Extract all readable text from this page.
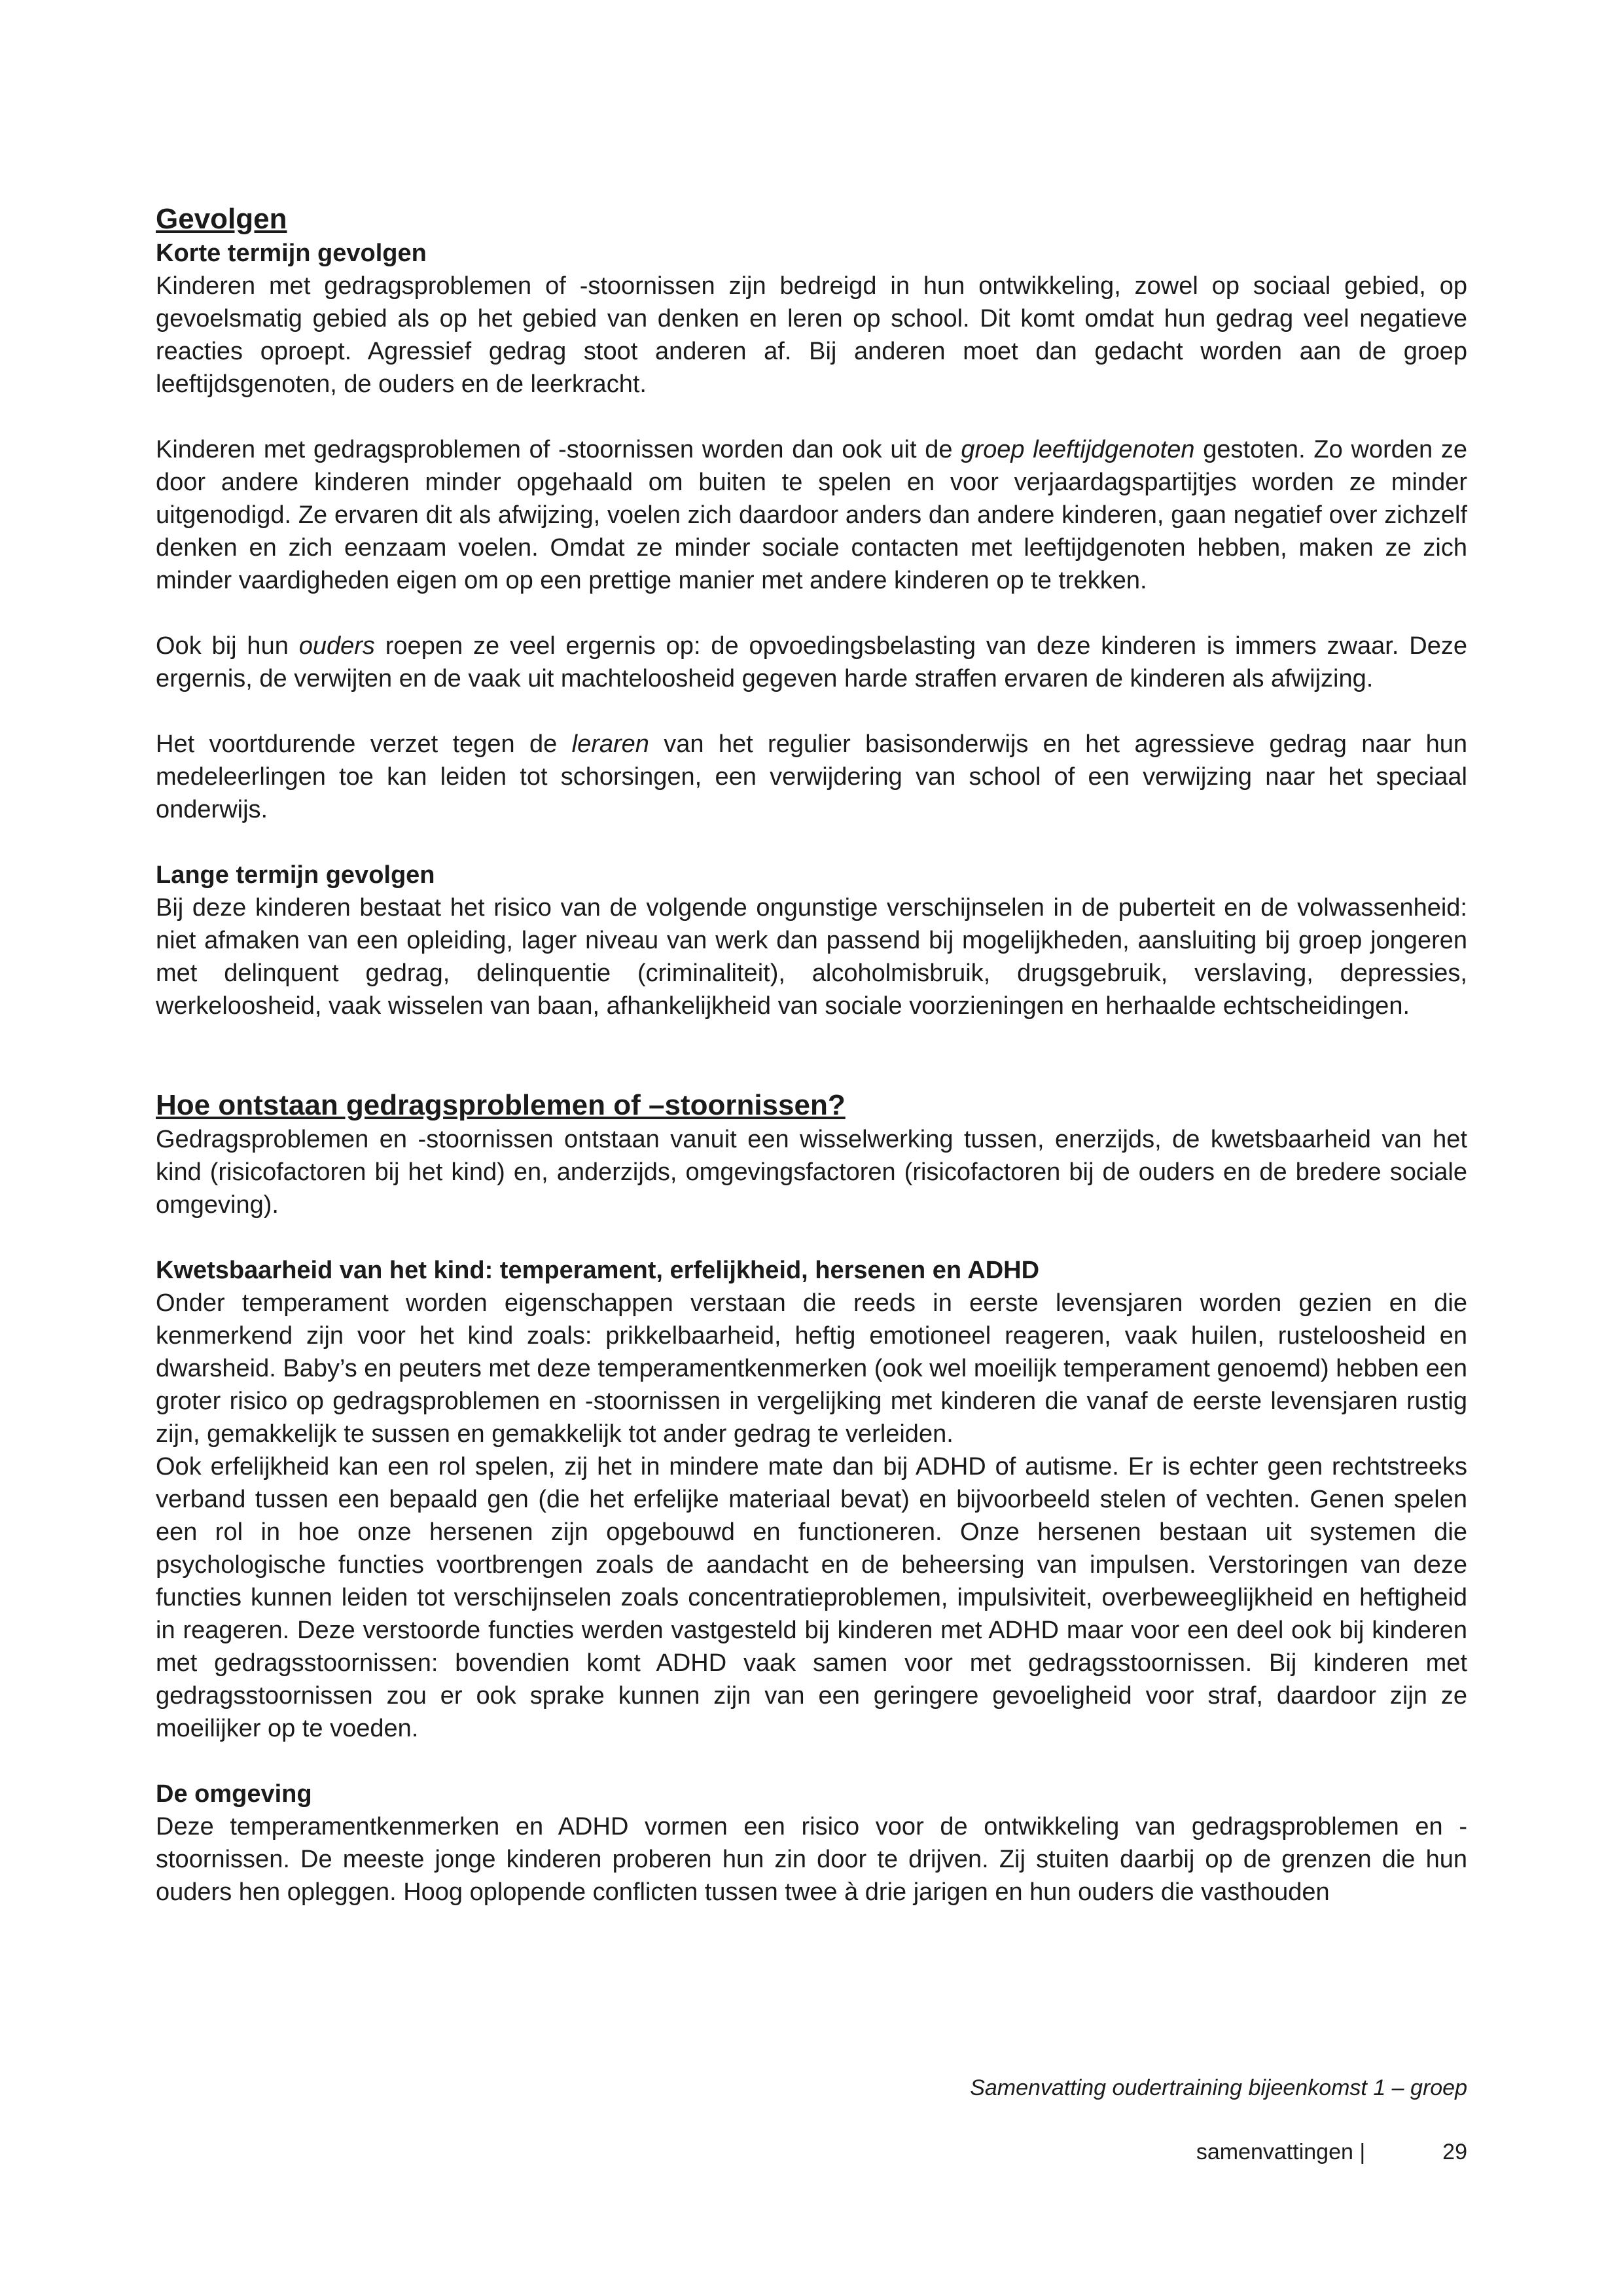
Gevolgen
Korte termijn gevolgen

Kinderen met gedragsproblemen of -stoornissen zijn bedreigd in hun ontwikkeling, zowel op sociaal gebied, op gevoelsmatig gebied als op het gebied van denken en leren op school. Dit komt omdat hun gedrag veel negatieve reacties oproept. Agressief gedrag stoot anderen af. Bij anderen moet dan gedacht worden aan de groep leeftijdsgenoten, de ouders en de leerkracht.

Kinderen met gedragsproblemen of -stoornissen worden dan ook uit de groep leeftijdgenoten gestoten. Zo worden ze door andere kinderen minder opgehaald om buiten te spelen en voor verjaardagspartijtjes worden ze minder uitgenodigd. Ze ervaren dit als afwijzing, voelen zich daardoor anders dan andere kinderen, gaan negatief over zichzelf denken en zich eenzaam voelen. Omdat ze minder sociale contacten met leeftijdgenoten hebben, maken ze zich minder vaardigheden eigen om op een prettige manier met andere kinderen op te trekken.

Ook bij hun ouders roepen ze veel ergernis op: de opvoedingsbelasting van deze kinderen is immers zwaar. Deze ergernis, de verwijten en de vaak uit machteloosheid gegeven harde straffen ervaren de kinderen als afwijzing.

Het voortdurende verzet tegen de leraren van het regulier basisonderwijs en het agressieve gedrag naar hun medeleerlingen toe kan leiden tot schorsingen, een verwijdering van school of een verwijzing naar het speciaal onderwijs.

Lange termijn gevolgen

Bij deze kinderen bestaat het risico van de volgende ongunstige verschijnselen in de puberteit en de volwassenheid: niet afmaken van een opleiding, lager niveau van werk dan passend bij mogelijkheden, aansluiting bij groep jongeren met delinquent gedrag, delinquentie (criminaliteit), alcoholmisbruik, drugsgebruik, verslaving, depressies, werkeloosheid, vaak wisselen van baan, afhankelijkheid van sociale voorzieningen en herhaalde echtscheidingen.

Hoe ontstaan gedragsproblemen of –stoornissen?

Gedragsproblemen en -stoornissen ontstaan vanuit een wisselwerking tussen, enerzijds, de kwetsbaarheid van het kind (risicofactoren bij het kind) en, anderzijds, omgevingsfactoren (risicofactoren bij de ouders en de bredere sociale omgeving).

Kwetsbaarheid van het kind: temperament, erfelijkheid, hersenen en ADHD

Onder temperament worden eigenschappen verstaan die reeds in eerste levensjaren worden gezien en die kenmerkend zijn voor het kind zoals: prikkelbaarheid, heftig emotioneel reageren, vaak huilen, rusteloosheid en dwarsheid. Baby’s en peuters met deze temperamentkenmerken (ook wel moeilijk temperament genoemd) hebben een groter risico op gedragsproblemen en -stoornissen in vergelijking met kinderen die vanaf de eerste levensjaren rustig zijn, gemakkelijk te sussen en gemakkelijk tot ander gedrag te verleiden.

Ook erfelijkheid kan een rol spelen, zij het in mindere mate dan bij ADHD of autisme. Er is echter geen rechtstreeks verband tussen een bepaald gen (die het erfelijke materiaal bevat) en bijvoorbeeld stelen of vechten. Genen spelen een rol in hoe onze hersenen zijn opgebouwd en functioneren. Onze hersenen bestaan uit systemen die psychologische functies voortbrengen zoals de aandacht en de beheersing van impulsen. Verstoringen van deze functies kunnen leiden tot verschijnselen zoals concentratieproblemen, impulsiviteit, overbeweeglijkheid en heftigheid in reageren. Deze verstoorde functies werden vastgesteld bij kinderen met ADHD maar voor een deel ook bij kinderen met gedragsstoornissen: bovendien komt ADHD vaak samen voor met gedragsstoornissen. Bij kinderen met gedragsstoornissen zou er ook sprake kunnen zijn van een geringere gevoeligheid voor straf, daardoor zijn ze moeilijker op te voeden.

De omgeving

Deze temperamentkenmerken en ADHD vormen een risico voor de ontwikkeling van gedragsproblemen en -stoornissen. De meeste jonge kinderen proberen hun zin door te drijven. Zij stuiten daarbij op de grenzen die hun ouders hen opleggen. Hoog oplopende conflicten tussen twee à drie jarigen en hun ouders die vasthouden

Samenvatting oudertraining bijeenkomst 1 – groep
samenvattingen |	29
